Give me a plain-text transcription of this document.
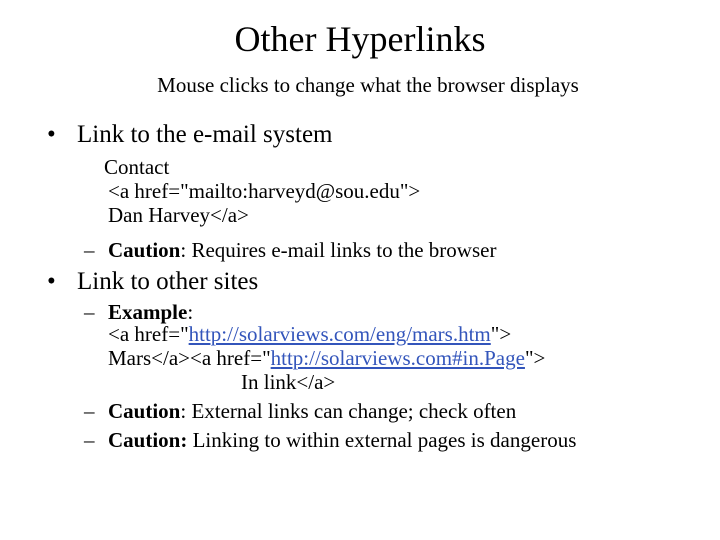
Other Hyperlinks
Mouse clicks to change what the browser displays
• Link to the e-mail system
Contact
<a href="mailto:harveyd@sou.edu">
Dan Harvey</a>
– Caution: Requires e-mail links to the browser
• Link to other sites
– Example:
<a href="http://solarviews.com/eng/mars.htm">
Mars</a><a href="http://solarviews.com#in.Page">
In link</a>
– Caution: External links can change; check often
– Caution: Linking to within external pages is dangerous
